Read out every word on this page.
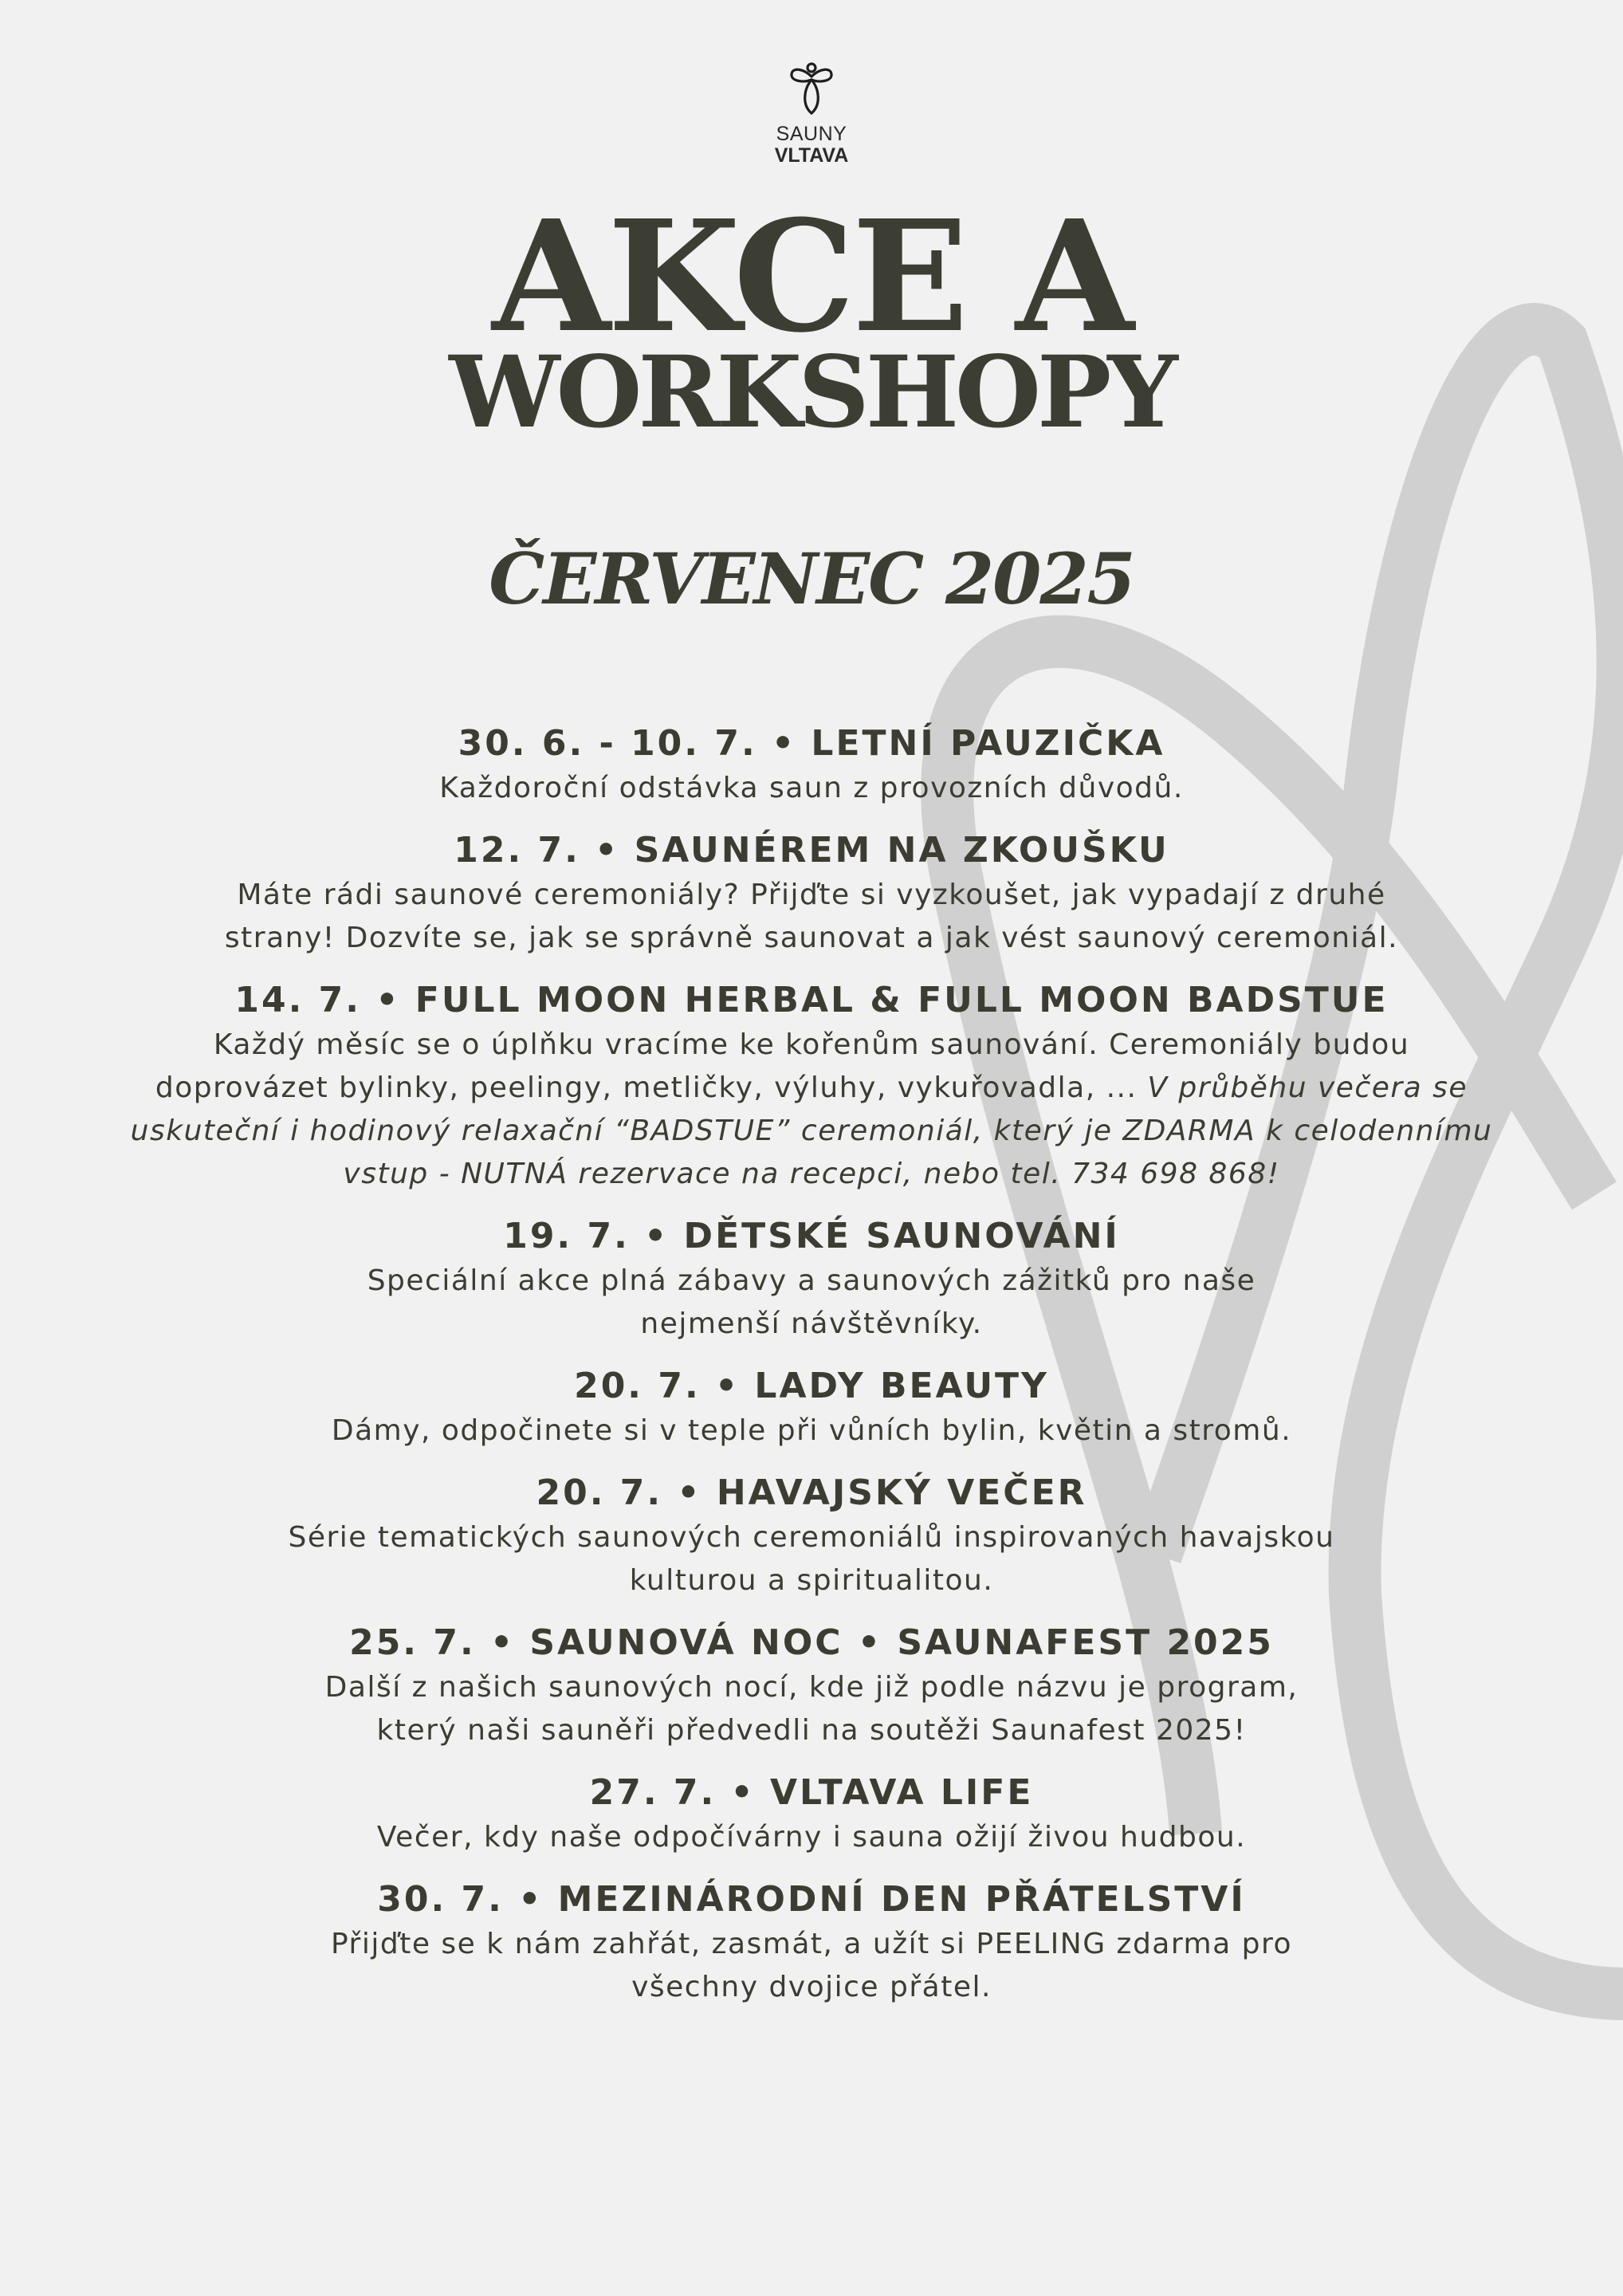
SAUNY
VLTAVA
AKCE A
WORKSHOPY
ČERVENEC 2025
30. 6. - 10. 7. • LETNÍ PAUZIČKA
Každoroční odstávka saun z provozních důvodů.
12. 7. • SAUNÉREM NA ZKOUŠKU
Máte rádi saunové ceremoniály? Přijďte si vyzkoušet, jak vypadají z druhé
strany! Dozvíte se, jak se správně saunovat a jak vést saunový ceremoniál.
14. 7. • FULL MOON HERBAL & FULL MOON BADSTUE
Každý měsíc se o úplňku vracíme ke kořenům saunování. Ceremoniály budou
doprovázet bylinky, peelingy, metličky, výluhy, vykuřovadla, ... V průběhu večera se
uskuteční i hodinový relaxační “BADSTUE” ceremoniál, který je ZDARMA k celodennímu
vstup - NUTNÁ rezervace na recepci, nebo tel. 734 698 868!
19. 7. • DĚTSKÉ SAUNOVÁNÍ
Speciální akce plná zábavy a saunových zážitků pro naše
nejmenší návštěvníky.
20. 7. • LADY BEAUTY
Dámy, odpočinete si v teple při vůních bylin, květin a stromů.
20. 7. • HAVAJSKÝ VEČER
Série tematických saunových ceremoniálů inspirovaných havajskou
kulturou a spiritualitou.
25. 7. • SAUNOVÁ NOC • SAUNAFEST 2025
Další z našich saunových nocí, kde již podle názvu je program,
který naši sauněři předvedli na soutěži Saunafest 2025!
27. 7. • VLTAVA LIFE
Večer, kdy naše odpočívárny i sauna ožijí živou hudbou.
30. 7. • MEZINÁRODNÍ DEN PŘÁTELSTVÍ
Přijďte se k nám zahřát, zasmát, a užít si PEELING zdarma pro
všechny dvojice přátel.
